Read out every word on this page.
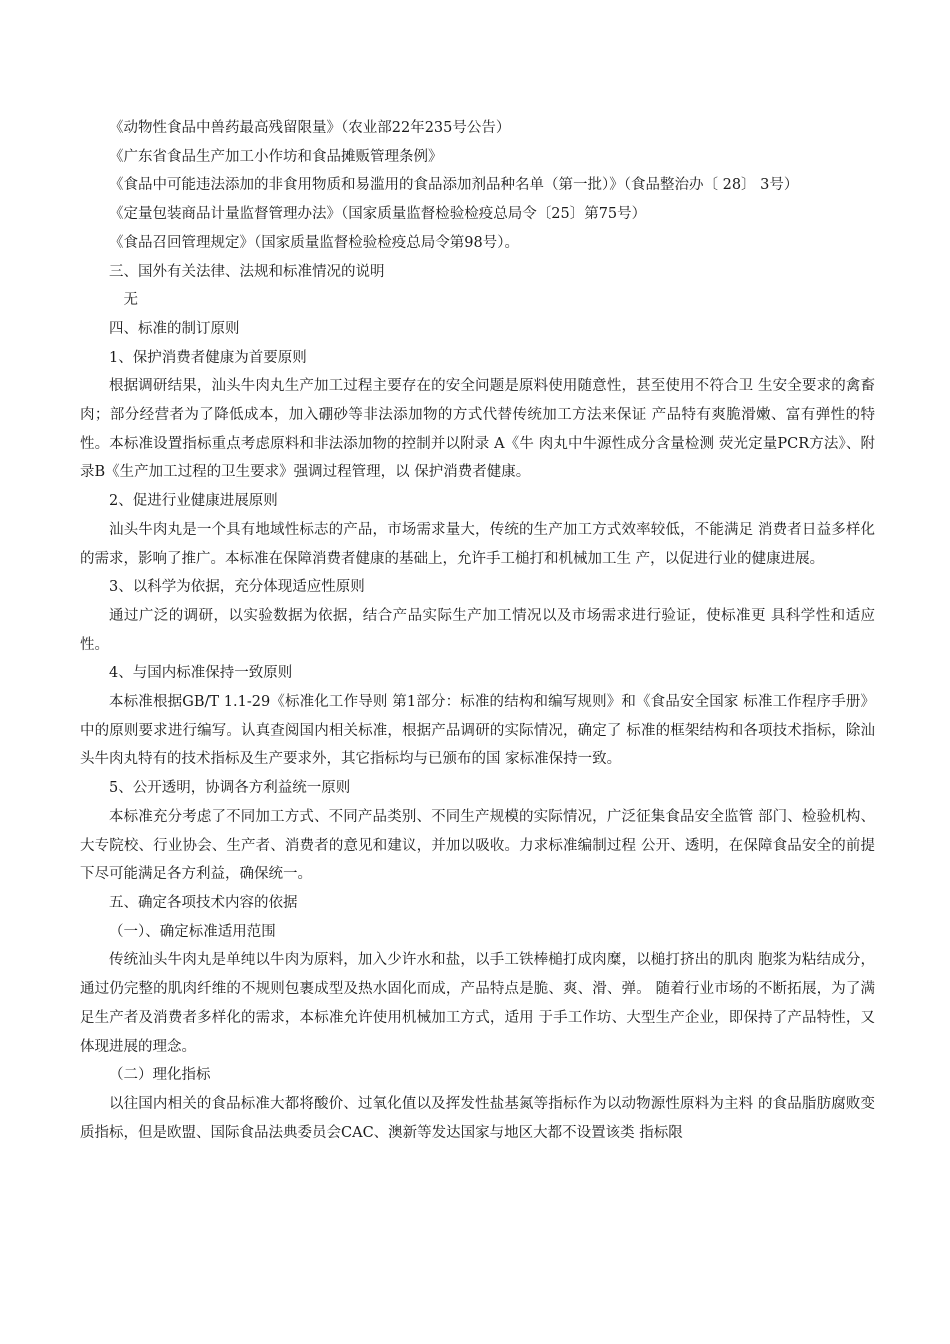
《动物性食品中兽药最高残留限量》（农业部22年235号公告）

《广东省食品生产加工小作坊和食品摊贩管理条例》

《食品中可能违法添加的非食用物质和易滥用的食品添加剂品种名单（第一批）》（食品整治办〔 28〕 3号）

《定量包装商品计量监督管理办法》（国家质量监督检验检疫总局令〔25〕第75号）

《食品召回管理规定》（国家质量监督检验检疫总局令第98号）。

三、国外有关法律、法规和标准情况的说明

无

四、标准的制订原则

1、保护消费者健康为首要原则

根据调研结果，汕头牛肉丸生产加工过程主要存在的安全问题是原料使用随意性，甚至使用不符合卫 生安全要求的禽畜肉；部分经营者为了降低成本，加入硼砂等非法添加物的方式代替传统加工方法来保证 产品特有爽脆滑嫩、富有弹性的特性。本标准设置指标重点考虑原料和非法添加物的控制并以附录 A《牛 肉丸中牛源性成分含量检测 荧光定量PCR方法》、附录B《生产加工过程的卫生要求》强调过程管理，以 保护消费者健康。

2、促进行业健康进展原则

汕头牛肉丸是一个具有地域性标志的产品，市场需求量大，传统的生产加工方式效率较低，不能满足 消费者日益多样化的需求，影响了推广。本标准在保障消费者健康的基础上，允许手工槌打和机械加工生 产，以促进行业的健康进展。

3、以科学为依据，充分体现适应性原则

通过广泛的调研，以实验数据为依据，结合产品实际生产加工情况以及市场需求进行验证，使标准更 具科学性和适应性。

4、与国内标准保持一致原则

本标准根据GB/T 1.1-29《标准化工作导则 第1部分：标准的结构和编写规则》和《食品安全国家 标准工作程序手册》中的原则要求进行编写。认真查阅国内相关标准，根据产品调研的实际情况，确定了 标准的框架结构和各项技术指标，除汕头牛肉丸特有的技术指标及生产要求外，其它指标均与已颁布的国 家标准保持一致。

5、公开透明，协调各方利益统一原则

本标准充分考虑了不同加工方式、不同产品类别、不同生产规模的实际情况，广泛征集食品安全监管 部门、检验机构、大专院校、行业协会、生产者、消费者的意见和建议，并加以吸收。力求标准编制过程 公开、透明，在保障食品安全的前提下尽可能满足各方利益，确保统一。

五、确定各项技术内容的依据

（一）、确定标准适用范围

传统汕头牛肉丸是单纯以牛肉为原料，加入少许水和盐，以手工铁棒槌打成肉糜，以槌打挤出的肌肉 胞浆为粘结成分，通过仍完整的肌肉纤维的不规则包裹成型及热水固化而成，产品特点是脆、爽、滑、弹。 随着行业市场的不断拓展，为了满足生产者及消费者多样化的需求，本标准允许使用机械加工方式，适用 于手工作坊、大型生产企业，即保持了产品特性，又体现进展的理念。

（二）理化指标

以往国内相关的食品标准大都将酸价、过氧化值以及挥发性盐基氮等指标作为以动物源性原料为主料 的食品脂肪腐败变质指标，但是欧盟、国际食品法典委员会CAC、澳新等发达国家与地区大都不设置该类 指标限
